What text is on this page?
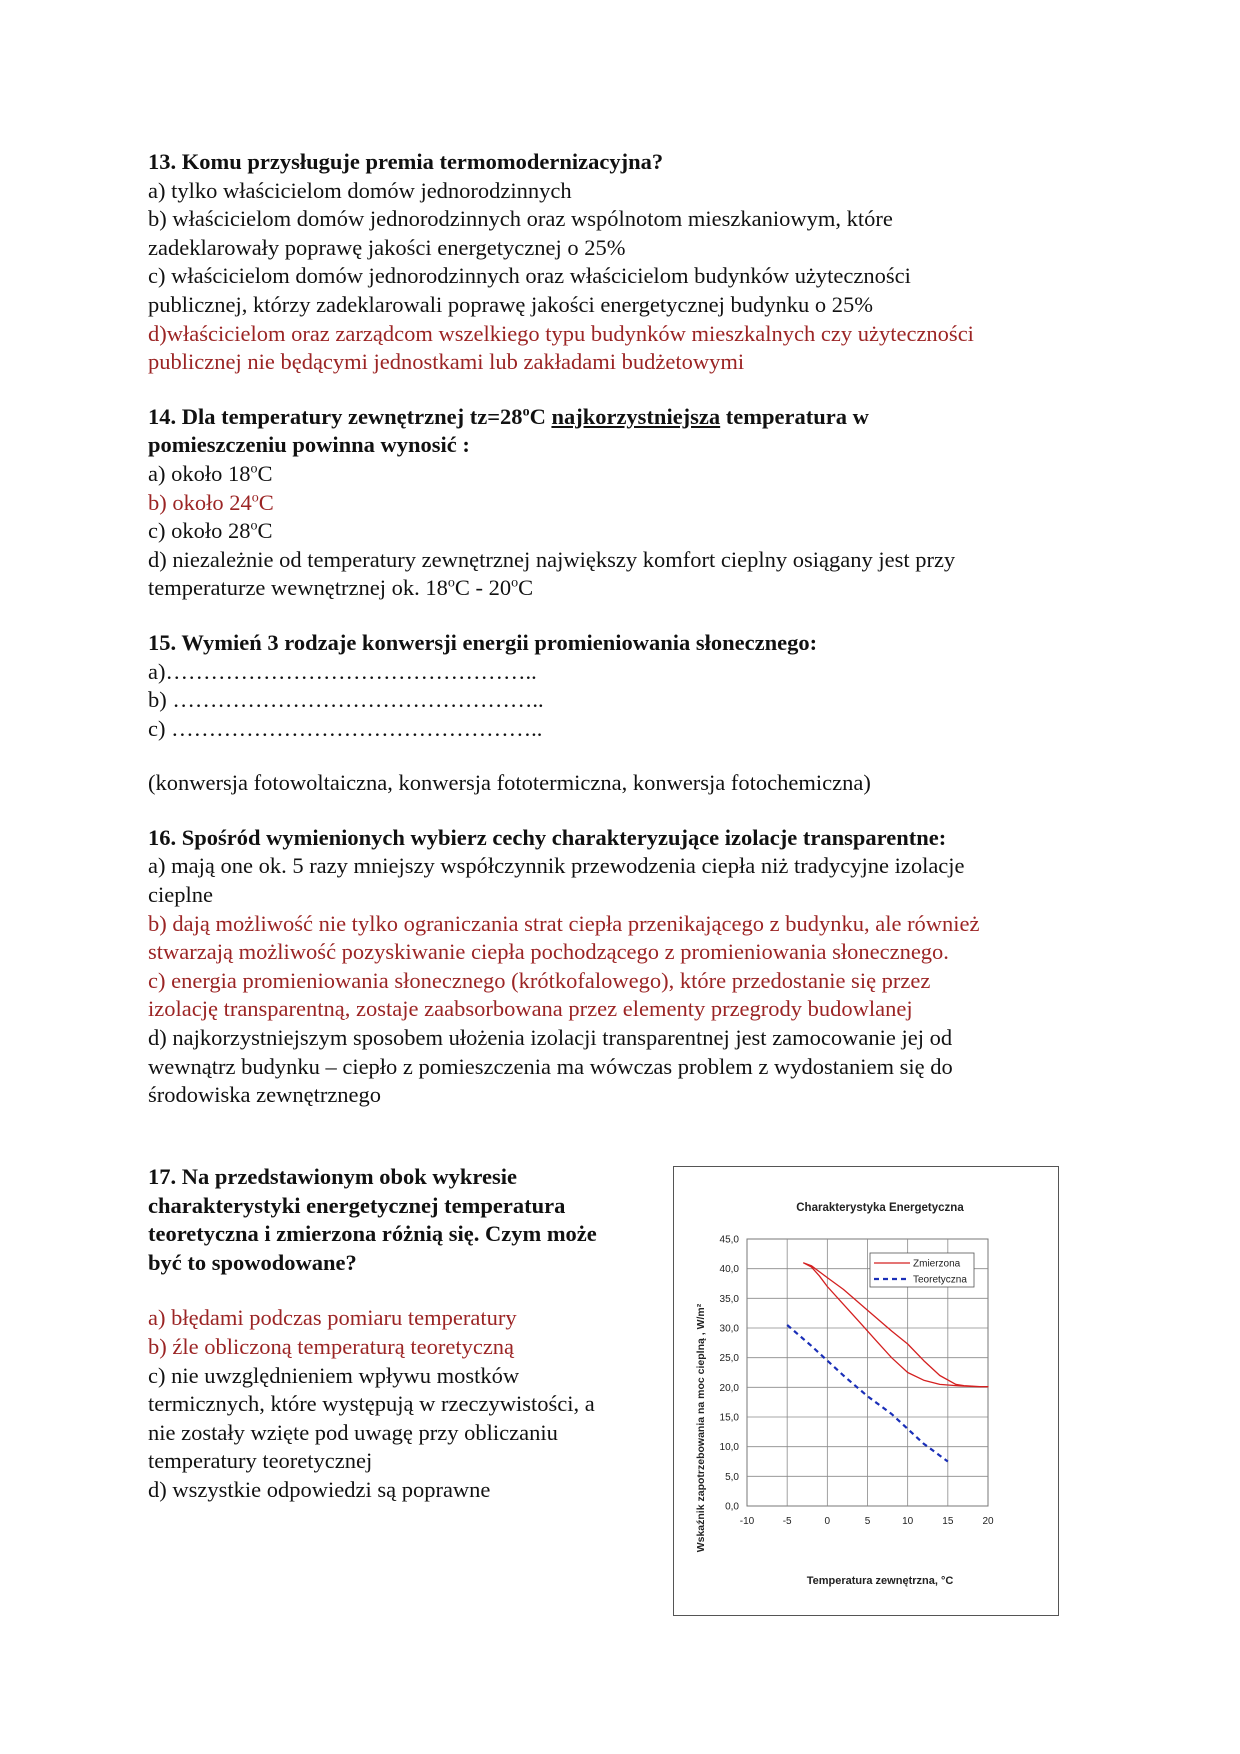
13. Komu przysługuje premia termomodernizacyjna?
a) tylko właścicielom domów jednorodzinnych
b) właścicielom domów jednorodzinnych oraz wspólnotom mieszkaniowym, które
zadeklarowały poprawę jakości energetycznej o 25%
c) właścicielom domów jednorodzinnych oraz właścicielom budynków użyteczności
publicznej, którzy zadeklarowali poprawę jakości energetycznej budynku o 25%
d)właścicielom oraz zarządcom wszelkiego typu budynków mieszkalnych czy użyteczności
publicznej nie będącymi jednostkami lub zakładami budżetowymi
14. Dla temperatury zewnętrznej $tz=28^oC$ najkorzystniejsza temperatura w
pomieszczeniu powinna wynosić :
a) około 18$^o$C
b) około 24$^o$C
c) około 28$^o$C
d) niezależnie od temperatury zewnętrznej największy komfort cieplny osiągany jest przy
temperaturze wewnętrznej ok. 18$^o$C - 20$^o$C
15. Wymień 3 rodzaje konwersji energii promieniowania słonecznego:
a)…………………………………………..
b) …………………………………………..
c) …………………………………………..
(konwersja fotowoltaiczna, konwersja fototermiczna, konwersja fotochemiczna)
16. Spośród wymienionych wybierz cechy charakteryzujące izolacje transparentne:
a) mają one ok. 5 razy mniejszy współczynnik przewodzenia ciepła niż tradycyjne izolacje
cieplne
b) dają możliwość nie tylko ograniczania strat ciepła przenikającego z budynku, ale również
stwarzają możliwość pozyskiwanie ciepła pochodzącego z promieniowania słonecznego.
c) energia promieniowania słonecznego (krótkofalowego), które przedostanie się przez
izolację transparentną, zostaje zaabsorbowana przez elementy przegrody budowlanej
d) najkorzystniejszym sposobem ułożenia izolacji transparentnej jest zamocowanie jej od
wewnątrz budynku – ciepło z pomieszczenia ma wówczas problem z wydostaniem się do
środowiska zewnętrznego
17. Na przedstawionym obok wykresie
charakterystyki energetycznej temperatura
teoretyczna i zmierzona różnią się. Czym może
być to spowodowane?
a) błędami podczas pomiaru temperatury
b) źle obliczoną temperaturą teoretyczną
c) nie uwzględnieniem wpływu mostków
termicznych, które występują w rzeczywistości, a
nie zostały wzięte pod uwagę przy obliczaniu
temperatury teoretycznej
d) wszystkie odpowiedzi są poprawne
Charakterystyka Energetyczna
-10	-5	0	5	10	15	20
0,0
5,0
10,0
15,0
20,0
25,0
30,0
35,0
40,0
45,0
Temperatura zewnętrzna, °C
Wskaźnik zapotrzebowania na moc cieplną , W/m²
Zmierzona
Teoretyczna
